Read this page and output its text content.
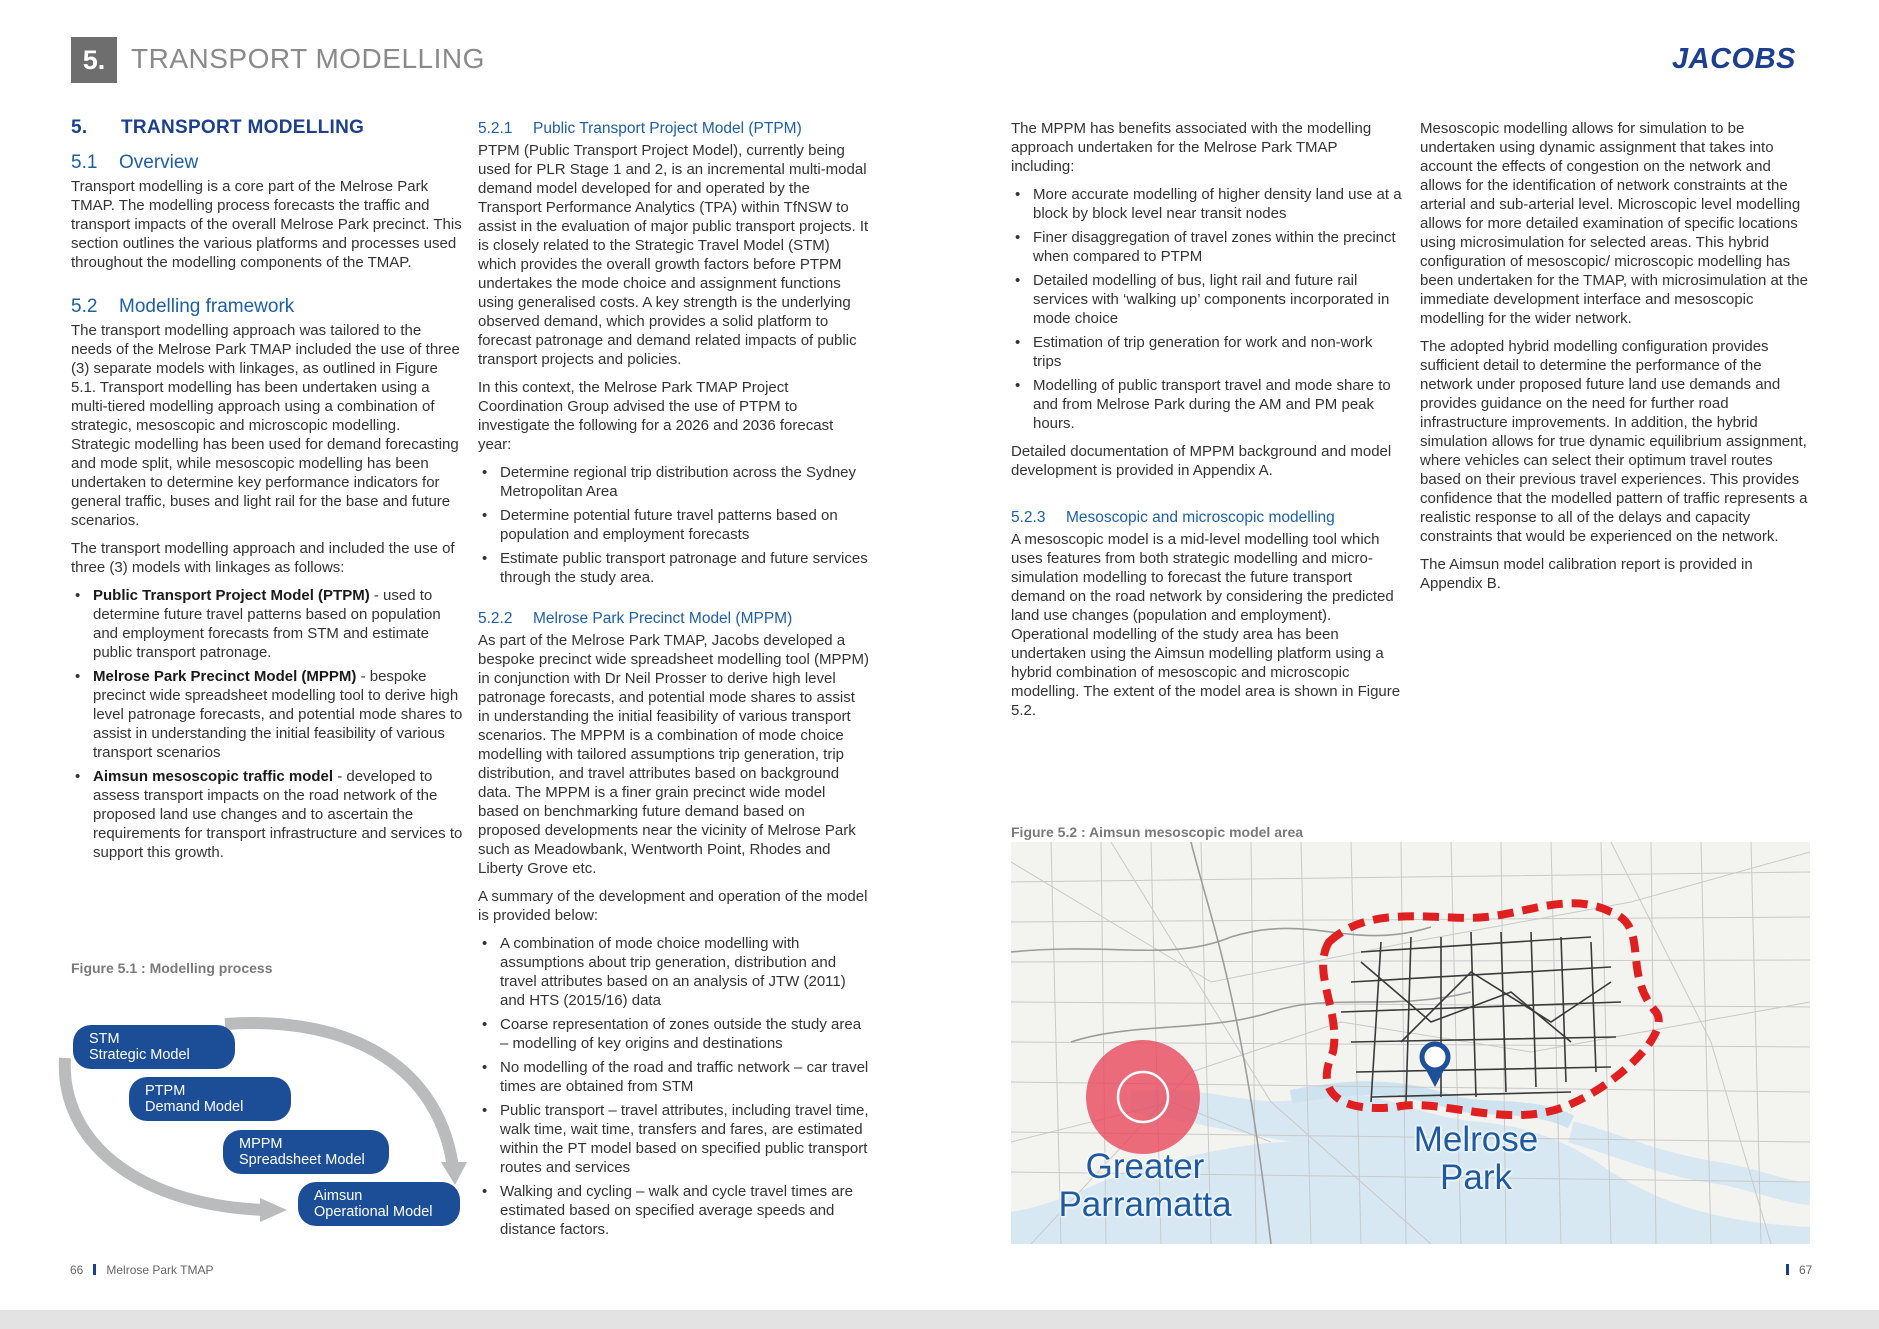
5. TRANSPORT MODELLING	JACOBS
5. TRANSPORT MODELLING
5.1 Overview

Transport modelling is a core part of the Melrose Park TMAP. The modelling process forecasts the traffic and transport impacts of the overall Melrose Park precinct. This section outlines the various platforms and processes used throughout the modelling components of the TMAP.

5.2 Modelling framework

The transport modelling approach was tailored to the needs of the Melrose Park TMAP included the use of three (3) separate models with linkages, as outlined in Figure 5.1. Transport modelling has been undertaken using a multi-tiered modelling approach using a combination of strategic, mesoscopic and microscopic modelling. Strategic modelling has been used for demand forecasting and mode split, while mesoscopic modelling has been undertaken to determine key performance indicators for general traffic, buses and light rail for the base and future scenarios.

The transport modelling approach and included the use of three (3) models with linkages as follows:

• Public Transport Project Model (PTPM) - used to determine future travel patterns based on population and employment forecasts from STM and estimate public transport patronage.
• Melrose Park Precinct Model (MPPM) - bespoke precinct wide spreadsheet modelling tool to derive high level patronage forecasts, and potential mode shares to assist in understanding the initial feasibility of various transport scenarios
• Aimsun mesoscopic traffic model - developed to assess transport impacts on the road network of the proposed land use changes and to ascertain the requirements for transport infrastructure and services to support this growth.
Figure 5.1 : Modelling process
STM
Strategic Model
PTPM
Demand Model
MPPM
Spreadsheet Model
Aimsun
Operational Model
5.2.1 Public Transport Project Model (PTPM)

PTPM (Public Transport Project Model), currently being used for PLR Stage 1 and 2, is an incremental multi-modal demand model developed for and operated by the Transport Performance Analytics (TPA) within TfNSW to assist in the evaluation of major public transport projects. It is closely related to the Strategic Travel Model (STM) which provides the overall growth factors before PTPM undertakes the mode choice and assignment functions using generalised costs. A key strength is the underlying observed demand, which provides a solid platform to forecast patronage and demand related impacts of public transport projects and policies.

In this context, the Melrose Park TMAP Project Coordination Group advised the use of PTPM to investigate the following for a 2026 and 2036 forecast year:

• Determine regional trip distribution across the Sydney Metropolitan Area
• Determine potential future travel patterns based on population and employment forecasts
• Estimate public transport patronage and future services through the study area.
5.2.2 Melrose Park Precinct Model (MPPM)

As part of the Melrose Park TMAP, Jacobs developed a bespoke precinct wide spreadsheet modelling tool (MPPM) in conjunction with Dr Neil Prosser to derive high level patronage forecasts, and potential mode shares to assist in understanding the initial feasibility of various transport scenarios. The MPPM is a combination of mode choice modelling with tailored assumptions trip generation, trip distribution, and travel attributes based on background data. The MPPM is a finer grain precinct wide model based on benchmarking future demand based on proposed developments near the vicinity of Melrose Park such as Meadowbank, Wentworth Point, Rhodes and Liberty Grove etc.

A summary of the development and operation of the model is provided below:

• A combination of mode choice modelling with assumptions about trip generation, distribution and travel attributes based on an analysis of JTW (2011) and HTS (2015/16) data
• Coarse representation of zones outside the study area – modelling of key origins and destinations
• No modelling of the road and traffic network – car travel times are obtained from STM
• Public transport – travel attributes, including travel time, walk time, wait time, transfers and fares, are estimated within the PT model based on specified public transport routes and services
• Walking and cycling – walk and cycle travel times are estimated based on specified average speeds and distance factors.

The MPPM has benefits associated with the modelling approach undertaken for the Melrose Park TMAP including:

• More accurate modelling of higher density land use at a block by block level near transit nodes
• Finer disaggregation of travel zones within the precinct when compared to PTPM
• Detailed modelling of bus, light rail and future rail services with ‘walking up’ components incorporated in mode choice
• Estimation of trip generation for work and non-work trips
• Modelling of public transport travel and mode share to and from Melrose Park during the AM and PM peak hours.

Detailed documentation of MPPM background and model development is provided in Appendix A.

5.2.3 Mesoscopic and microscopic modelling

A mesoscopic model is a mid-level modelling tool which uses features from both strategic modelling and micro-simulation modelling to forecast the future transport demand on the road network by considering the predicted land use changes (population and employment). Operational modelling of the study area has been undertaken using the Aimsun modelling platform using a hybrid combination of mesoscopic and microscopic modelling. The extent of the model area is shown in Figure 5.2.

Figure 5.2 : Aimsun mesoscopic model area
Greater
Parramatta
Melrose
Park

Mesoscopic modelling allows for simulation to be undertaken using dynamic assignment that takes into account the effects of congestion on the network and allows for the identification of network constraints at the arterial and sub-arterial level. Microscopic level modelling allows for more detailed examination of specific locations using microsimulation for selected areas. This hybrid configuration of mesoscopic/ microscopic modelling has been undertaken for the TMAP, with microsimulation at the immediate development interface and mesoscopic modelling for the wider network.

The adopted hybrid modelling configuration provides sufficient detail to determine the performance of the network under proposed future land use demands and provides guidance on the need for further road infrastructure improvements. In addition, the hybrid simulation allows for true dynamic equilibrium assignment, where vehicles can select their optimum travel routes based on their previous travel experiences. This provides confidence that the modelled pattern of traffic represents a realistic response to all of the delays and capacity constraints that would be experienced on the network.

The Aimsun model calibration report is provided in Appendix B.

66 Melrose Park TMAP	67
